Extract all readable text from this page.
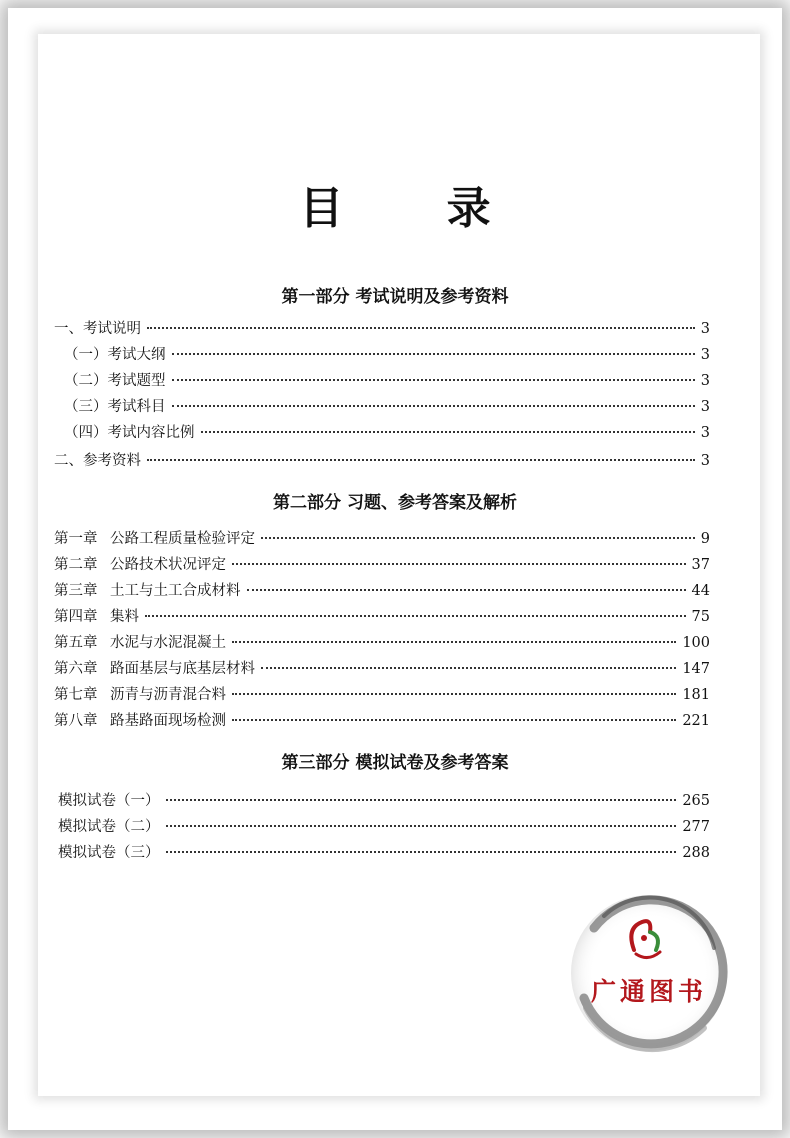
目 录
第一部分 考试说明及参考资料
一、考试说明	3
（一）考试大纲	3
（二）考试题型	3
（三）考试科目	3
（四）考试内容比例	3
二、参考资料	3
第二部分 习题、参考答案及解析
第一章 公路工程质量检验评定	9
第二章 公路技术状况评定	37
第三章 土工与土工合成材料	44
第四章 集料	75
第五章 水泥与水泥混凝土	100
第六章 路面基层与底基层材料	147
第七章 沥青与沥青混合料	181
第八章 路基路面现场检测	221
第三部分 模拟试卷及参考答案
模拟试卷（一）	265
模拟试卷（二）	277
模拟试卷（三）	288
广通图书
